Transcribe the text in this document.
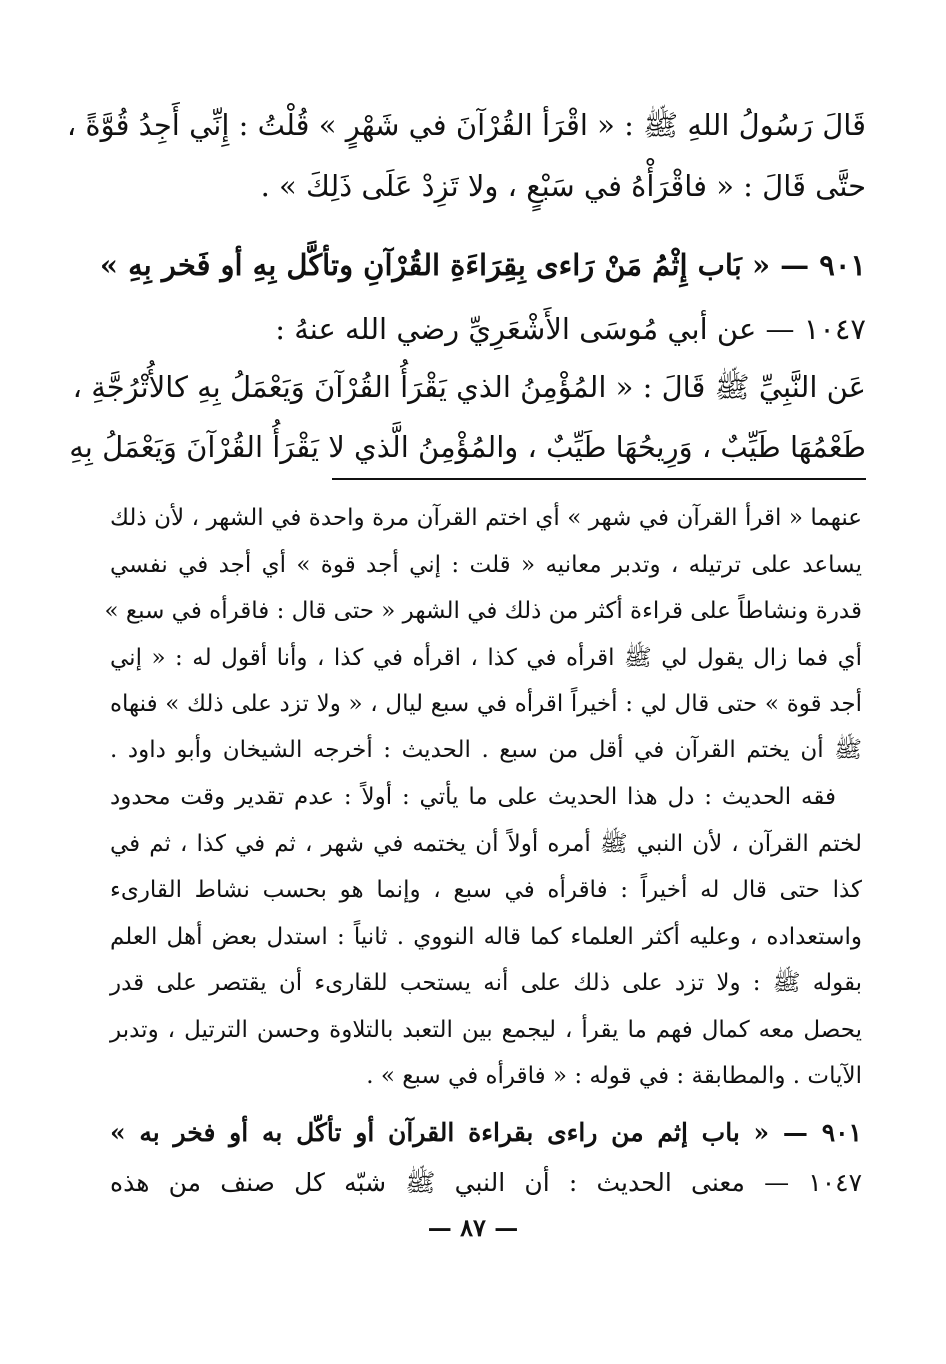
قَالَ رَسُولُ اللهِ ﷺ : « اقْرَأ القُرْآنَ في شَهْرٍ » قُلْتُ : إِنِّي أَجِدُ قُوَّةً ،
حتَّى قَالَ : « فاقْرَأْهُ في سَبْعٍ ، ولا تَزِدْ عَلَى ذَلِكَ » .
٩٠١ — « بَاب إِثْمُ مَنْ رَاءى بِقِرَاءَةِ القُرْآنِ وتأكَّل بِهِ أو فَخر بِهِ »
١٠٤٧ — عن أبي مُوسَى الأَشْعَرِيِّ رضي الله عنهُ :
عَن النَّبِيِّ ﷺ قَالَ : « المُؤْمِنُ الذي يَقْرَأُ القُرْآنَ وَيَعْمَلُ بِهِ كالأُتْرُجَّةِ ،
طَعْمُهَا طَيِّبٌ ، وَرِيحُهَا طَيِّبٌ ، والمُؤْمِنُ الَّذي لا يَقْرَأُ القُرْآنَ وَيَعْمَلُ بِهِ
عنهما « اقرأ القرآن في شهر » أي اختم القرآن مرة واحدة في الشهر ، لأن ذلك
يساعد على ترتيله ، وتدبر معانيه « قلت : إني أجد قوة » أي أجد في نفسي
قدرة ونشاطاً على قراءة أكثر من ذلك في الشهر « حتى قال : فاقرأه في سبع »
أي فما زال يقول لي ﷺ اقرأه في كذا ، اقرأه في كذا ، وأنا أقول له : « إني
أجد قوة » حتى قال لي : أخيراً اقرأه في سبع ليال ، « ولا تزد على ذلك » فنهاه
ﷺ أن يختم القرآن في أقل من سبع . الحديث : أخرجه الشيخان وأبو داود .
فقه الحديث : دل هذا الحديث على ما يأتي : أولاً : عدم تقدير وقت محدود
لختم القرآن ، لأن النبي ﷺ أمره أولاً أن يختمه في شهر ، ثم في كذا ، ثم في
كذا حتى قال له أخيراً : فاقرأه في سبع ، وإنما هو بحسب نشاط القارىء
واستعداده ، وعليه أكثر العلماء كما قاله النووي . ثانياً : استدل بعض أهل العلم
بقوله ﷺ : ولا تزد على ذلك على أنه يستحب للقارىء أن يقتصر على قدر
يحصل معه كمال فهم ما يقرأ ، ليجمع بين التعبد بالتلاوة وحسن الترتيل ، وتدبر
الآيات . والمطابقة : في قوله : « فاقرأه في سبع » .
٩٠١ — « باب إثم من راءى بقراءة القرآن أو تأكّل به أو فخر به »
١٠٤٧ — معنى الحديث : أن النبي ﷺ شبّه كل صنف من هذه
— ٨٧ —
